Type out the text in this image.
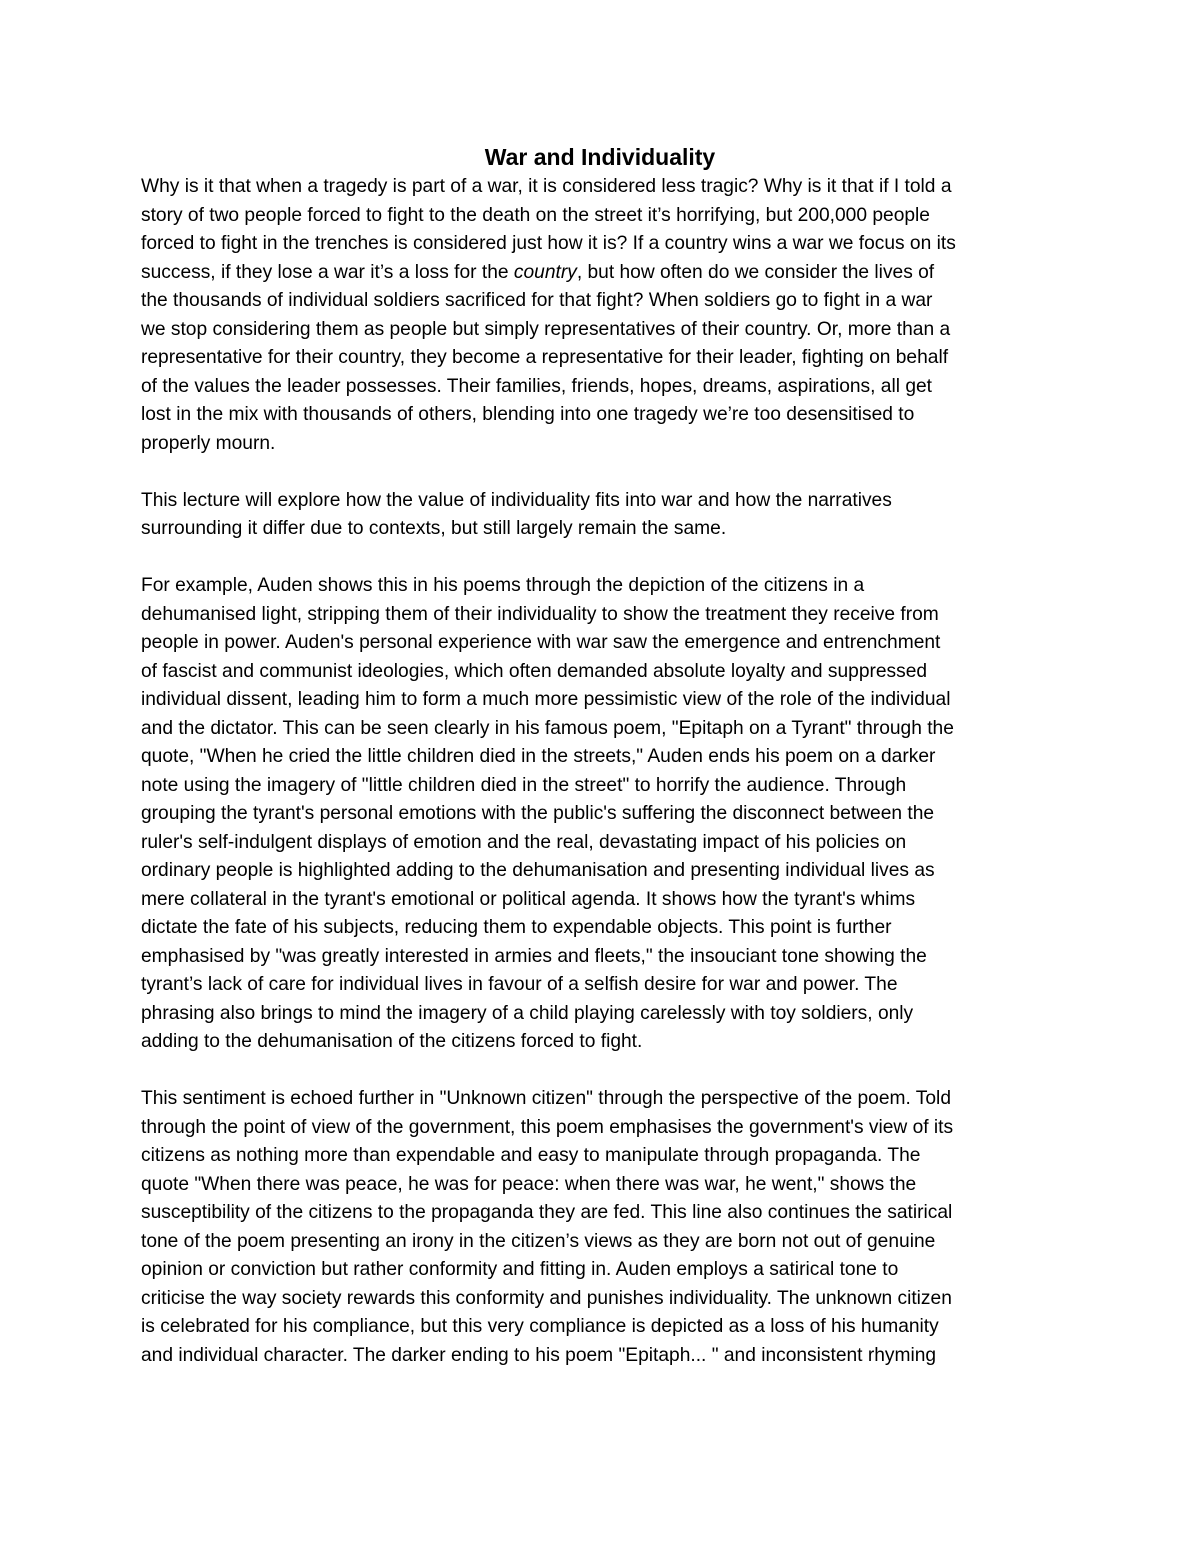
War and Individuality
Why is it that when a tragedy is part of a war, it is considered less tragic? Why is it that if I told a
story of two people forced to fight to the death on the street it’s horrifying, but 200,000 people
forced to fight in the trenches is considered just how it is? If a country wins a war we focus on its
success, if they lose a war it’s a loss for the country, but how often do we consider the lives of
the thousands of individual soldiers sacrificed for that fight? When soldiers go to fight in a war
we stop considering them as people but simply representatives of their country. Or, more than a
representative for their country, they become a representative for their leader, fighting on behalf
of the values the leader possesses. Their families, friends, hopes, dreams, aspirations, all get
lost in the mix with thousands of others, blending into one tragedy we’re too desensitised to
properly mourn.
This lecture will explore how the value of individuality fits into war and how the narratives
surrounding it differ due to contexts, but still largely remain the same.
For example, Auden shows this in his poems through the depiction of the citizens in a
dehumanised light, stripping them of their individuality to show the treatment they receive from
people in power. Auden's personal experience with war saw the emergence and entrenchment
of fascist and communist ideologies, which often demanded absolute loyalty and suppressed
individual dissent, leading him to form a much more pessimistic view of the role of the individual
and the dictator. This can be seen clearly in his famous poem, "Epitaph on a Tyrant" through the
quote, "When he cried the little children died in the streets," Auden ends his poem on a darker
note using the imagery of "little children died in the street" to horrify the audience. Through
grouping the tyrant's personal emotions with the public's suffering the disconnect between the
ruler's self-indulgent displays of emotion and the real, devastating impact of his policies on
ordinary people is highlighted adding to the dehumanisation and presenting individual lives as
mere collateral in the tyrant's emotional or political agenda. It shows how the tyrant's whims
dictate the fate of his subjects, reducing them to expendable objects. This point is further
emphasised by "was greatly interested in armies and fleets," the insouciant tone showing the
tyrant’s lack of care for individual lives in favour of a selfish desire for war and power. The
phrasing also brings to mind the imagery of a child playing carelessly with toy soldiers, only
adding to the dehumanisation of the citizens forced to fight.
This sentiment is echoed further in "Unknown citizen" through the perspective of the poem. Told
through the point of view of the government, this poem emphasises the government's view of its
citizens as nothing more than expendable and easy to manipulate through propaganda. The
quote "When there was peace, he was for peace: when there was war, he went," shows the
susceptibility of the citizens to the propaganda they are fed. This line also continues the satirical
tone of the poem presenting an irony in the citizen’s views as they are born not out of genuine
opinion or conviction but rather conformity and fitting in. Auden employs a satirical tone to
criticise the way society rewards this conformity and punishes individuality. The unknown citizen
is celebrated for his compliance, but this very compliance is depicted as a loss of his humanity
and individual character. The darker ending to his poem "Epitaph... " and inconsistent rhyming
